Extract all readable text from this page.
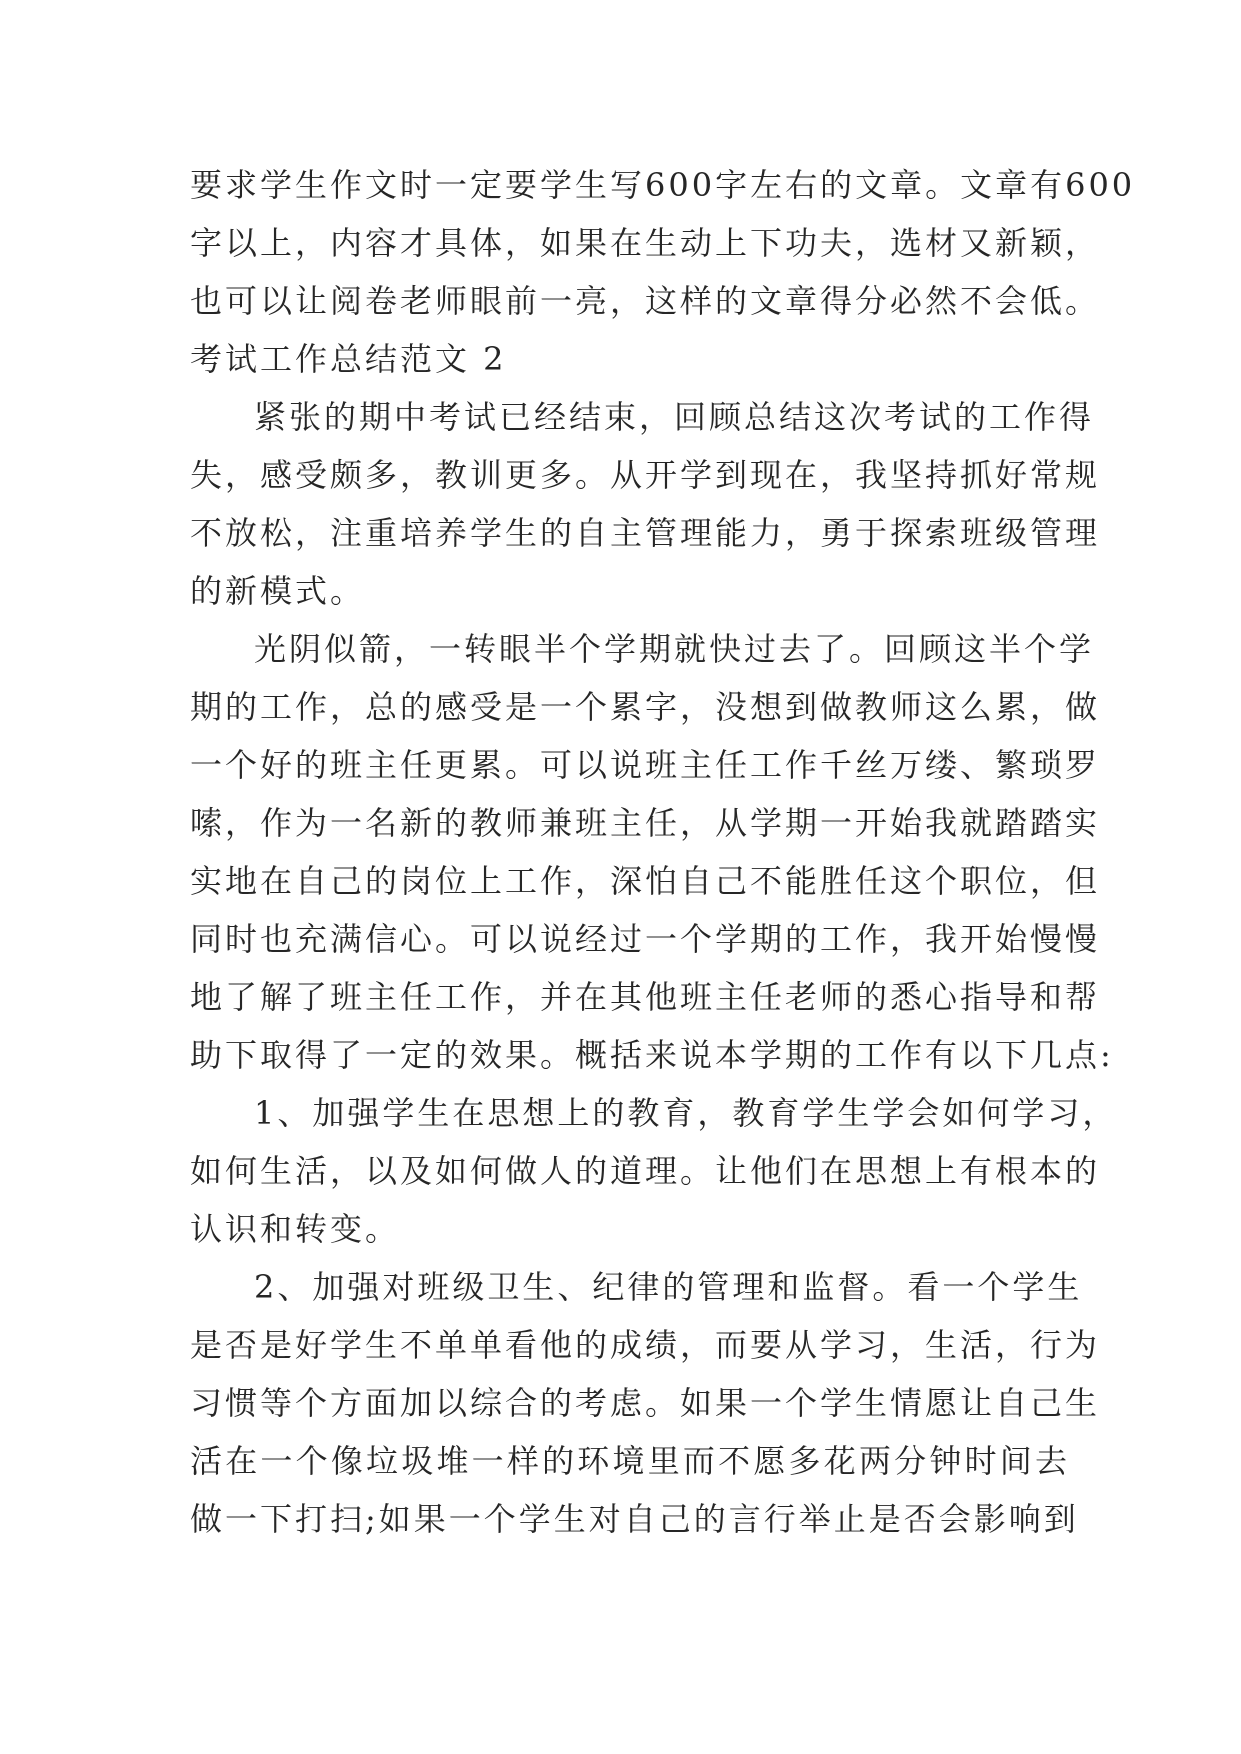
要求学生作文时一定要学生写600字左右的文章。文章有600
字以上，内容才具体，如果在生动上下功夫，选材又新颖，
也可以让阅卷老师眼前一亮，这样的文章得分必然不会低。
考试工作总结范文 2
紧张的期中考试已经结束，回顾总结这次考试的工作得
失，感受颇多，教训更多。从开学到现在，我坚持抓好常规
不放松，注重培养学生的自主管理能力，勇于探索班级管理
的新模式。
光阴似箭，一转眼半个学期就快过去了。回顾这半个学
期的工作，总的感受是一个累字，没想到做教师这么累，做
一个好的班主任更累。可以说班主任工作千丝万缕、繁琐罗
嗦，作为一名新的教师兼班主任，从学期一开始我就踏踏实
实地在自己的岗位上工作，深怕自己不能胜任这个职位，但
同时也充满信心。可以说经过一个学期的工作，我开始慢慢
地了解了班主任工作，并在其他班主任老师的悉心指导和帮
助下取得了一定的效果。概括来说本学期的工作有以下几点:
1、加强学生在思想上的教育，教育学生学会如何学习，
如何生活，以及如何做人的道理。让他们在思想上有根本的
认识和转变。
2、加强对班级卫生、纪律的管理和监督。看一个学生
是否是好学生不单单看他的成绩，而要从学习，生活，行为
习惯等个方面加以综合的考虑。如果一个学生情愿让自己生
活在一个像垃圾堆一样的环境里而不愿多花两分钟时间去
做一下打扫;如果一个学生对自己的言行举止是否会影响到
